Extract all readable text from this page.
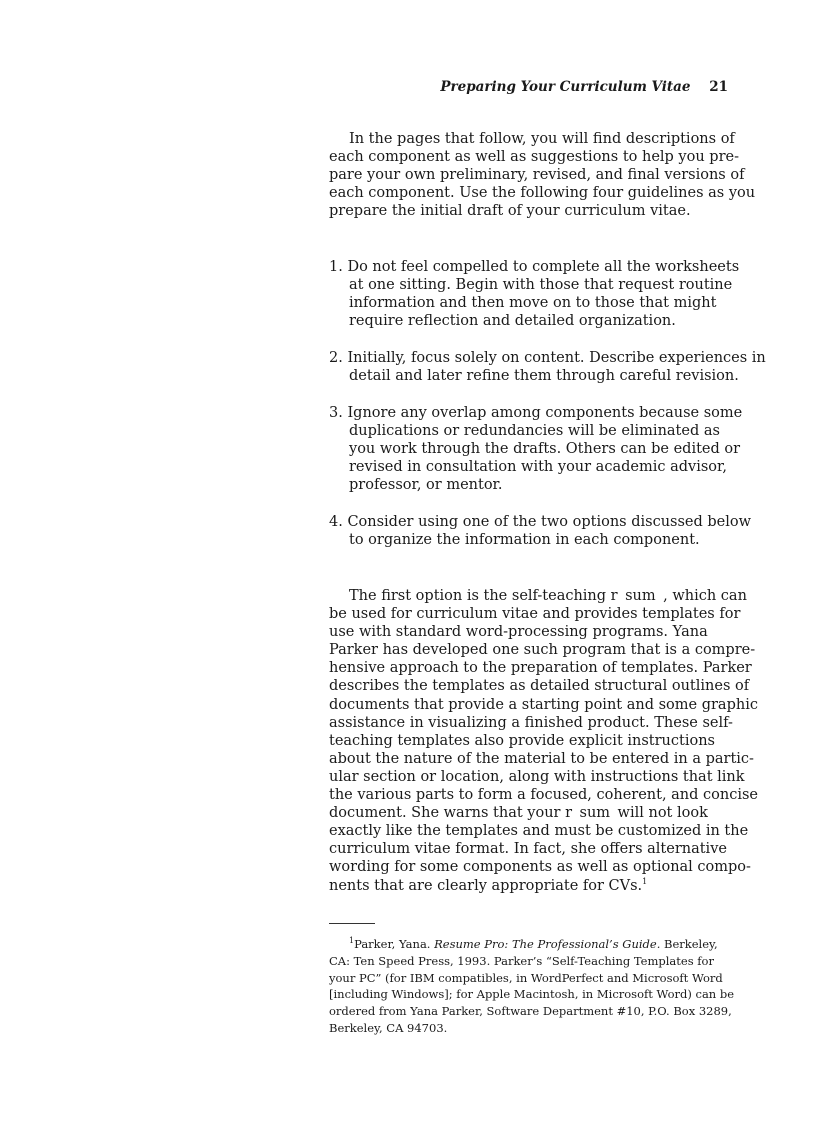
Preparing Your Curriculum Vitae 21
In the pages that follow, you will find descriptions of
each component as well as suggestions to help you pre-
pare your own preliminary, revised, and final versions of
each component. Use the following four guidelines as you
prepare the initial draft of your curriculum vitae.
1. Do not feel compelled to complete all the worksheets
at one sitting. Begin with those that request routine
information and then move on to those that might
require reflection and detailed organization.
2. Initially, focus solely on content. Describe experiences in
detail and later refine them through careful revision.
3. Ignore any overlap among components because some
duplications or redundancies will be eliminated as
you work through the drafts. Others can be edited or
revised in consultation with your academic advisor,
professor, or mentor.
4. Consider using one of the two options discussed below
to organize the information in each component.
The first option is the self-teaching r  sum  , which can
be used for curriculum vitae and provides templates for
use with standard word-processing programs. Yana
Parker has developed one such program that is a compre-
hensive approach to the preparation of templates. Parker
describes the templates as detailed structural outlines of
documents that provide a starting point and some graphic
assistance in visualizing a finished product. These self-
teaching templates also provide explicit instructions
about the nature of the material to be entered in a partic-
ular section or location, along with instructions that link
the various parts to form a focused, coherent, and concise
document. She warns that your r  sum  will not look
exactly like the templates and must be customized in the
curriculum vitae format. In fact, she offers alternative
wording for some components as well as optional compo-
nents that are clearly appropriate for CVs.$^1$
$^1$Parker, Yana. Resume Pro: The Professional’s Guide. Berkeley,
CA: Ten Speed Press, 1993. Parker’s “Self-Teaching Templates for
your PC” (for IBM compatibles, in WordPerfect and Microsoft Word
[including Windows]; for Apple Macintosh, in Microsoft Word) can be
ordered from Yana Parker, Software Department #10, P.O. Box 3289,
Berkeley, CA 94703.
